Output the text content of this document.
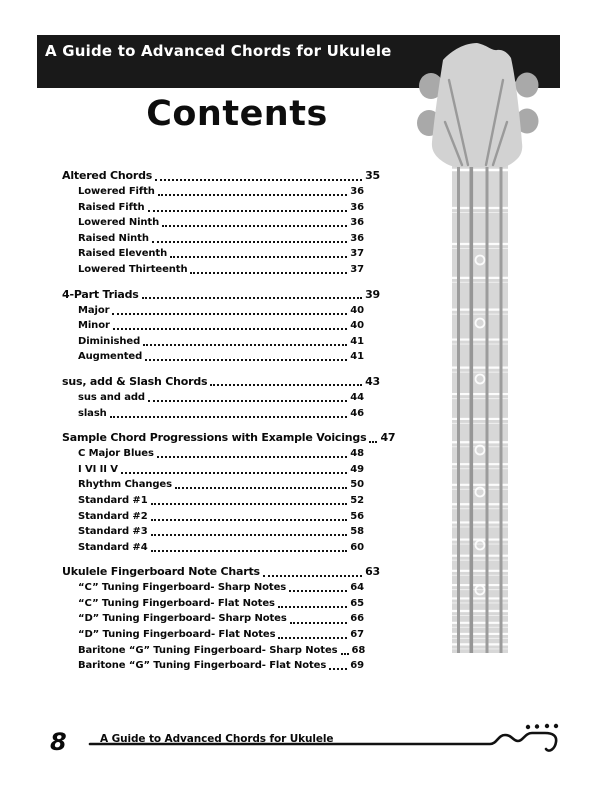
A Guide to Advanced Chords for Ukulele
Contents
Altered Chords	35
Lowered Fifth	36
Raised Fifth	36
Lowered Ninth	36
Raised Ninth	36
Raised Eleventh	37
Lowered Thirteenth	37
4-Part Triads	39
Major	40
Minor	40
Diminished	41
Augmented	41
sus, add & Slash Chords	43
sus and add	44
slash	46
Sample Chord Progressions with Example Voicings 47
C Major Blues	48
I VI II V	49
Rhythm Changes	50
Standard #1	52
Standard #2	56
Standard #3	58
Standard #4	60
Ukulele Fingerboard Note Charts	63
“C” Tuning Fingerboard- Sharp Notes	64
“C” Tuning Fingerboard- Flat Notes	65
“D” Tuning Fingerboard- Sharp Notes	66
“D” Tuning Fingerboard- Flat Notes	67
Baritone “G” Tuning Fingerboard- Sharp Notes 68
Baritone “G” Tuning Fingerboard- Flat Notes 69
8	A Guide to Advanced Chords for Ukulele
